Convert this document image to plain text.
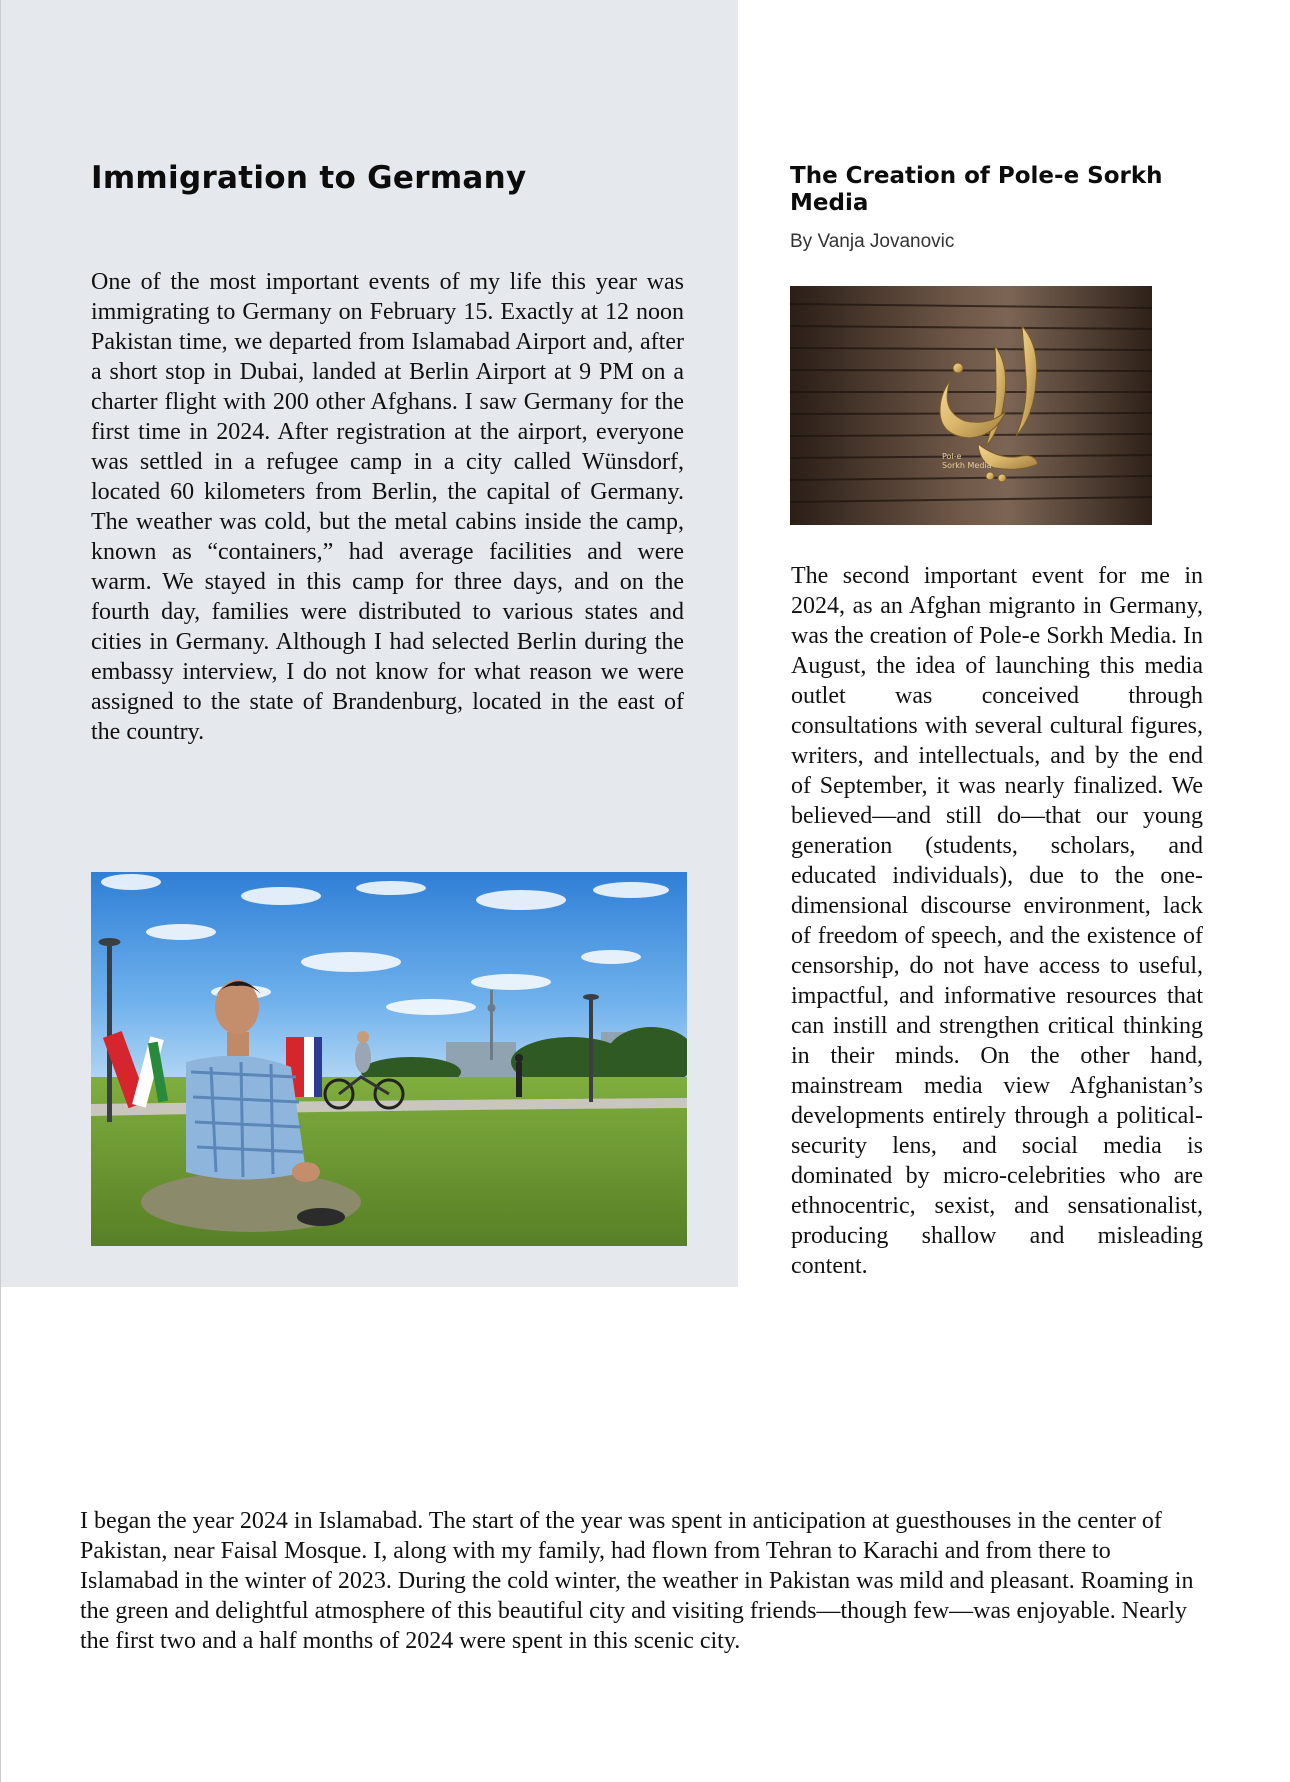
Immigration to Germany

One of the most important events of my life this year was immigrating to Germany on February 15. Exactly at 12 noon Pakistan time, we departed from Islamabad Airport and, after a short stop in Dubai, landed at Berlin Airport at 9 PM on a charter flight with 200 other Afghans. I saw Germany for the first time in 2024. After registration at the airport, everyone was settled in a refugee camp in a city called Wünsdorf, located 60 kilometers from Berlin, the capital of Germany. The weather was cold, but the metal cabins inside the camp, known as “containers,” had average facilities and were warm. We stayed in this camp for three days, and on the fourth day, families were distributed to various states and cities in Germany. Although I had selected Berlin during the embassy interview, I do not know for what reason we were assigned to the state of Brandenburg, located in the east of the country.

The Creation of Pole-e Sorkh Media

By Vanja Jovanovic

Pol-e
Sorkh Media

The second important event for me in 2024, as an Afghan migranto in Germany, was the creation of Pole-e Sorkh Media. In August, the idea of launching this media outlet was conceived through consultations with several cultural figures, writers, and intellectuals, and by the end of September, it was nearly finalized. We believed—and still do—that our young generation (students, scholars, and educated individuals), due to the one-dimensional discourse environment, lack of freedom of speech, and the existence of censorship, do not have access to useful, impactful, and informative resources that can instill and strengthen critical thinking in their minds. On the other hand, mainstream media view Afghanistan’s developments entirely through a political-security lens, and social media is dominated by micro-celebrities who are ethnocentric, sexist, and sensationalist, producing shallow and misleading content.

I began the year 2024 in Islamabad. The start of the year was spent in anticipation at guesthouses in the center of Pakistan, near Faisal Mosque. I, along with my family, had flown from Tehran to Karachi and from there to Islamabad in the winter of 2023. During the cold winter, the weather in Pakistan was mild and pleasant. Roaming in the green and delightful atmosphere of this beautiful city and visiting friends—though few—was enjoyable. Nearly the first two and a half months of 2024 were spent in this scenic city.
